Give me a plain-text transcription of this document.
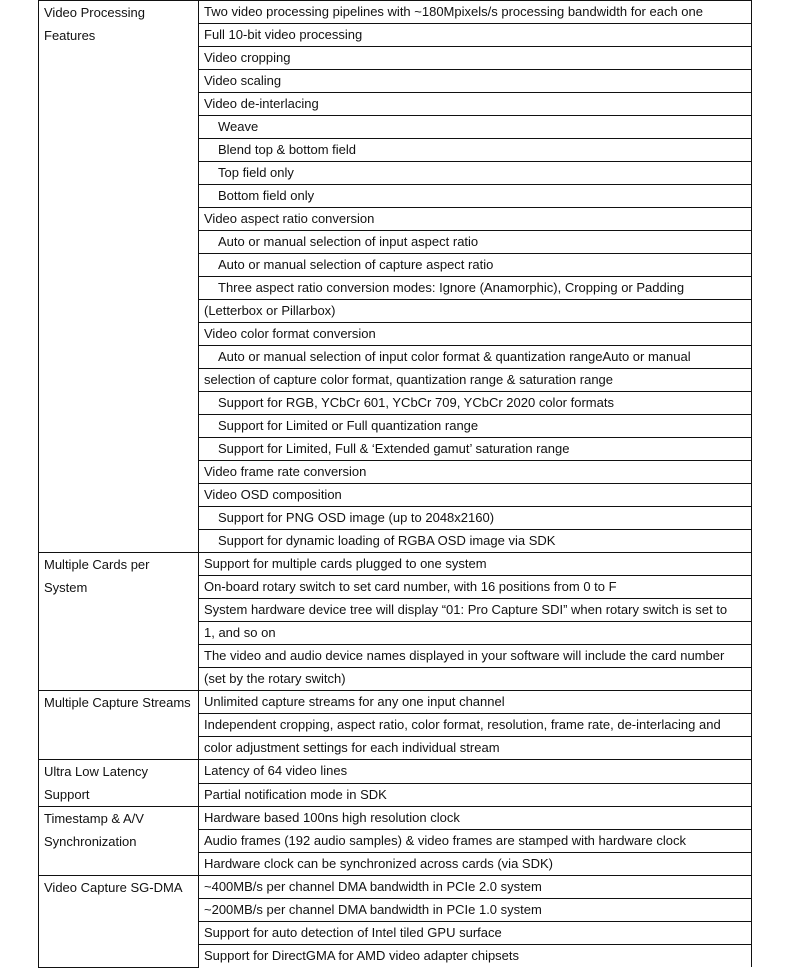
Video Processing
Features	Two video processing pipelines with ~180Mpixels/s processing bandwidth for each one
	Full 10-bit video processing
	Video cropping
	Video scaling
	Video de-interlacing
	Weave
	Blend top & bottom field
	Top field only
	Bottom field only
	Video aspect ratio conversion
	Auto or manual selection of input aspect ratio
	Auto or manual selection of capture aspect ratio
	Three aspect ratio conversion modes: Ignore (Anamorphic), Cropping or Padding
	(Letterbox or Pillarbox)
	Video color format conversion
	Auto or manual selection of input color format & quantization rangeAuto or manual
	selection of capture color format, quantization range & saturation range
	Support for RGB, YCbCr 601, YCbCr 709, YCbCr 2020 color formats
	Support for Limited or Full quantization range
	Support for Limited, Full & ‘Extended gamut’ saturation range
	Video frame rate conversion
	Video OSD composition
	Support for PNG OSD image (up to 2048x2160)
	Support for dynamic loading of RGBA OSD image via SDK

Multiple Cards per
System	Support for multiple cards plugged to one system
	On-board rotary switch to set card number, with 16 positions from 0 to F
	System hardware device tree will display “01: Pro Capture SDI” when rotary switch is set to
	1, and so on
	The video and audio device names displayed in your software will include the card number
	(set by the rotary switch)

Multiple Capture Streams	Unlimited capture streams for any one input channel
	Independent cropping, aspect ratio, color format, resolution, frame rate, de-interlacing and
	color adjustment settings for each individual stream

Ultra Low Latency
Support	Latency of 64 video lines
	Partial notification mode in SDK

Timestamp & A/V
Synchronization	Hardware based 100ns high resolution clock
	Audio frames (192 audio samples) & video frames are stamped with hardware clock
	Hardware clock can be synchronized across cards (via SDK)

Video Capture SG-DMA	~400MB/s per channel DMA bandwidth in PCIe 2.0 system
	~200MB/s per channel DMA bandwidth in PCIe 1.0 system
	Support for auto detection of Intel tiled GPU surface
	Support for DirectGMA for AMD video adapter chipsets
